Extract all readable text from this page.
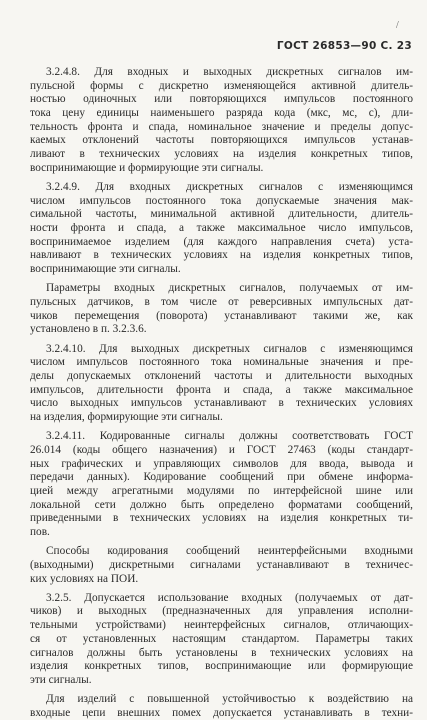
/
ГОСТ 26853—90 С. 23
3.2.4.8. Для входных и выходных дискретных сигналов им-
пульсной формы с дискретно изменяющейся активной длитель-
ностью одиночных или повторяющихся импульсов постоянного
тока цену единицы наименьшего разряда кода (мкс, мс, с), дли-
тельность фронта и спада, номинальное значение и пределы допус-
каемых отклонений частоты повторяющихся импульсов устанав-
ливают в технических условиях на изделия конкретных типов,
воспринимающие и формирующие эти сигналы.
3.2.4.9. Для входных дискретных сигналов с изменяющимся
числом импульсов постоянного тока допускаемые значения мак-
симальной частоты, минимальной активной длительности, длитель-
ности фронта и спада, а также максимальное число импульсов,
воспринимаемое изделием (для каждого направления счета) уста-
навливают в технических условиях на изделия конкретных типов,
воспринимающие эти сигналы.
Параметры входных дискретных сигналов, получаемых от им-
пульсных датчиков, в том числе от реверсивных импульсных дат-
чиков перемещения (поворота) устанавливают такими же, как
установлено в п. 3.2.3.6.
3.2.4.10. Для выходных дискретных сигналов с изменяющимся
числом импульсов постоянного тока номинальные значения и пре-
делы допускаемых отклонений частоты и длительности выходных
импульсов, длительности фронта и спада, а также максимальное
число выходных импульсов устанавливают в технических условиях
на изделия, формирующие эти сигналы.
3.2.4.11. Кодированные сигналы должны соответствовать ГОСТ
26.014 (коды общего назначения) и ГОСТ 27463 (коды стандарт-
ных графических и управляющих символов для ввода, вывода и
передачи данных). Кодирование сообщений при обмене информа-
цией между агрегатными модулями по интерфейсной шине или
локальной сети должно быть определено форматами сообщений,
приведенными в технических условиях на изделия конкретных ти-
пов.
Способы кодирования сообщений неинтерфейсными входными
(выходными) дискретными сигналами устанавливают в техничес-
ких условиях на ПОИ.
3.2.5. Допускается использование входных (получаемых от дат-
чиков) и выходных (предназначенных для управления исполни-
тельными устройствами) неинтерфейсных сигналов, отличающих-
ся от установленных настоящим стандартом. Параметры таких
сигналов должны быть установлены в технических условиях на
изделия конкретных типов, воспринимающие или формирующие
эти сигналы.
Для изделий с повышенной устойчивостью к воздействию на
входные цепи внешних помех допускается устанавливать в техни-
